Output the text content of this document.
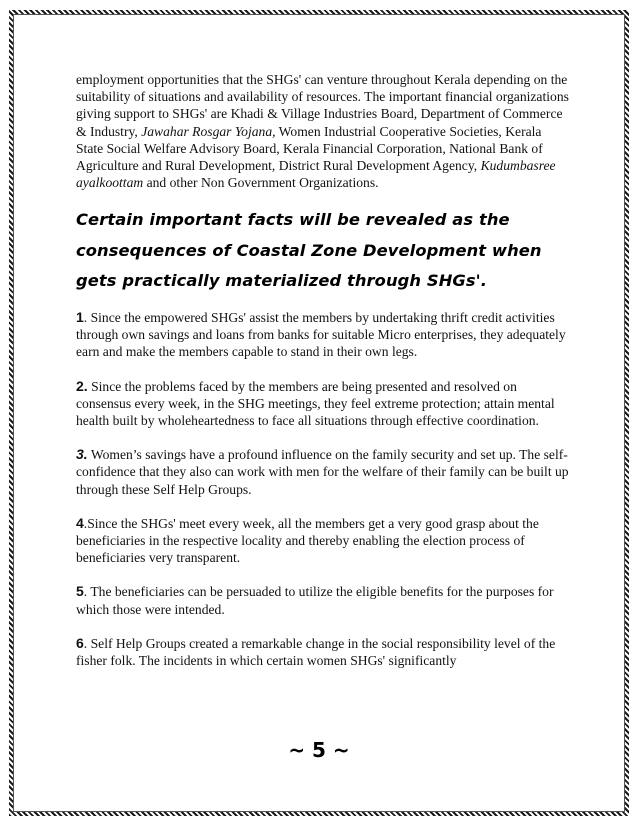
employment opportunities that the SHGs' can venture throughout Kerala depending on the suitability of situations and availability of resources. The important financial organizations giving support to SHGs' are Khadi & Village Industries Board, Department of Commerce & Industry, Jawahar Rosgar Yojana, Women Industrial Cooperative Societies, Kerala State Social Welfare Advisory Board, Kerala Financial Corporation, National Bank of Agriculture and Rural Development, District Rural Development Agency, Kudumbasree ayalkoottam and other Non Government Organizations.

Certain important facts will be revealed as the consequences of Coastal Zone Development when gets practically materialized through SHGs'.

1. Since the empowered SHGs' assist the members by undertaking thrift credit activities through own savings and loans from banks for suitable Micro enterprises, they adequately earn and make the members capable to stand in their own legs.

2. Since the problems faced by the members are being presented and resolved on consensus every week, in the SHG meetings, they feel extreme protection; attain mental health built by wholeheartedness to face all situations through effective coordination.

3. Women’s savings have a profound influence on the family security and set up. The self-confidence that they also can work with men for the welfare of their family can be built up through these Self Help Groups.

4.Since the SHGs' meet every week, all the members get a very good grasp about the beneficiaries in the respective locality and thereby enabling the election process of beneficiaries very transparent.

5. The beneficiaries can be persuaded to utilize the eligible benefits for the purposes for which those were intended.

6. Self Help Groups created a remarkable change in the social responsibility level of the fisher folk. The incidents in which certain women SHGs' significantly

~ 5 ~
